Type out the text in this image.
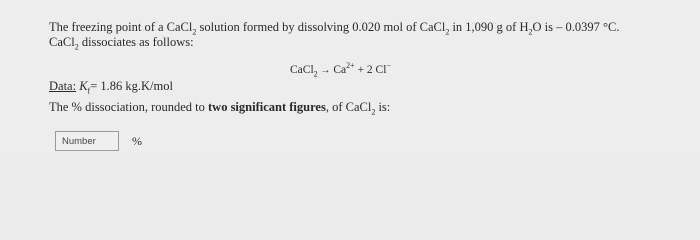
The freezing point of a CaCl$_2$ solution formed by dissolving 0.020 mol of CaCl$_2$ in 1,090 g of $H_2O$ is – 0.0397 °C.
CaCl$_2$ dissociates as follows:
CaCl$_2$ → $Ca^{2+} + 2$ Cl−
Data: $K_f= 1.86$ kg.K/mol
The % dissociation, rounded to two significant figures, of CaCl$_2$ is:
Number	%
